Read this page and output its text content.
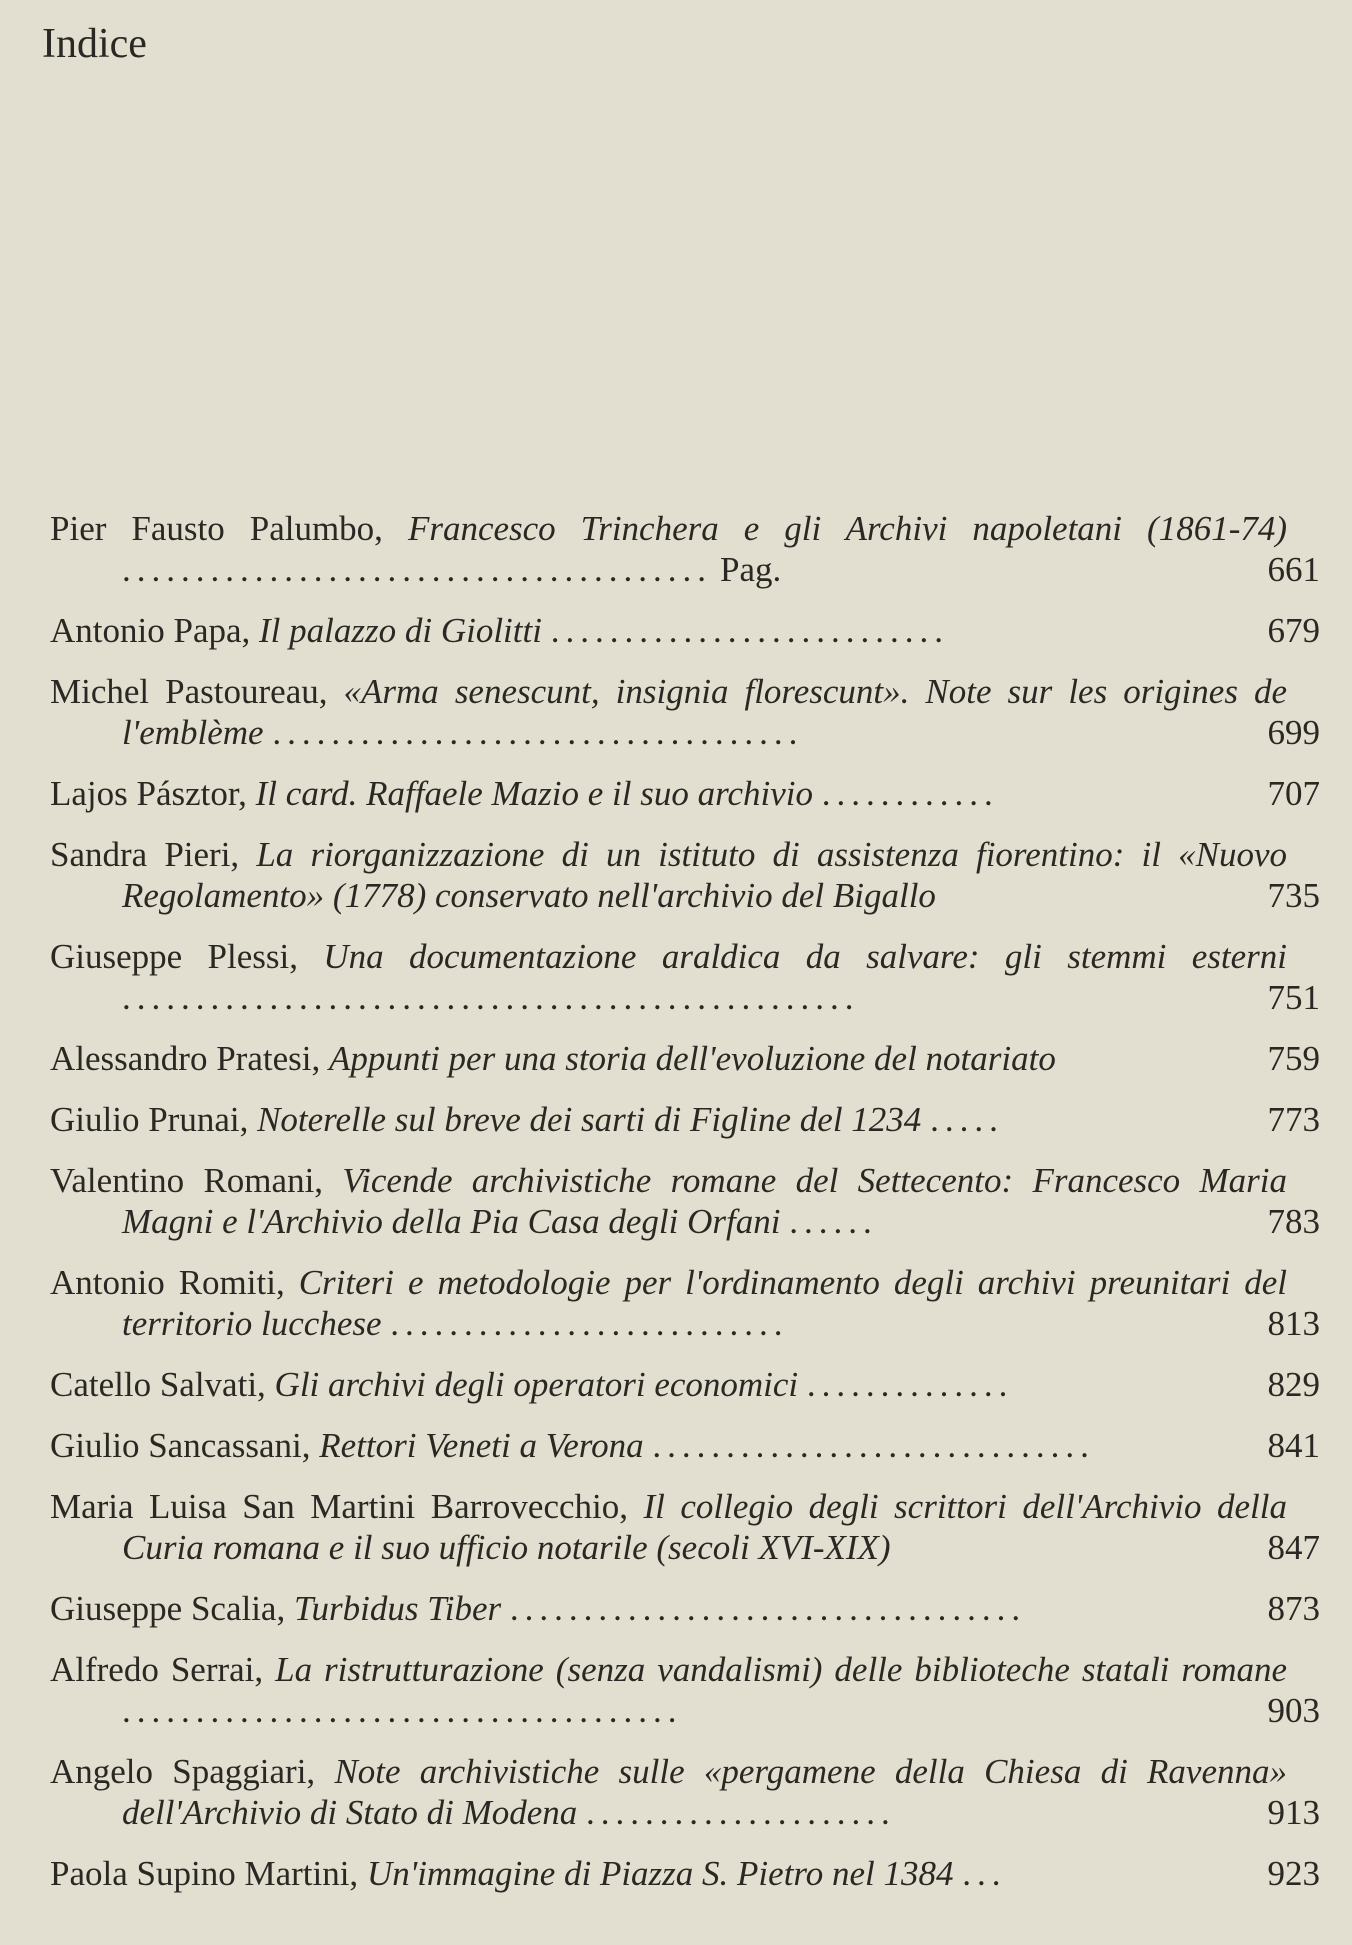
Indice
Pier Fausto Palumbo, Francesco Trinchera e gli Archivi napoletani (1861-74) ........................................ Pag.	661
Antonio Papa, Il palazzo di Giolitti ...........................	679
Michel Pastoureau, «Arma senescunt, insignia florescunt». Note sur les origines de l'emblème ....................................	699
Lajos Pásztor, Il card. Raffaele Mazio e il suo archivio ............	707
Sandra Pieri, La riorganizzazione di un istituto di assistenza fiorentino: il «Nuovo Regolamento» (1778) conservato nell'archivio del Bigallo	735
Giuseppe Plessi, Una documentazione araldica da salvare: gli stemmi esterni ..................................................	751
Alessandro Pratesi, Appunti per una storia dell'evoluzione del notariato	759
Giulio Prunai, Noterelle sul breve dei sarti di Figline del 1234 .....	773
Valentino Romani, Vicende archivistiche romane del Settecento: Francesco Maria Magni e l'Archivio della Pia Casa degli Orfani ......	783
Antonio Romiti, Criteri e metodologie per l'ordinamento degli archivi preunitari del territorio lucchese ...........................	813
Catello Salvati, Gli archivi degli operatori economici ..............	829
Giulio Sancassani, Rettori Veneti a Verona ..............................	841
Maria Luisa San Martini Barrovecchio, Il collegio degli scrittori dell'Archivio della Curia romana e il suo ufficio notarile (secoli XVI-XIX)	847
Giuseppe Scalia, Turbidus Tiber ...................................	873
Alfredo Serrai, La ristrutturazione (senza vandalismi) delle biblioteche statali romane ......................................	903
Angelo Spaggiari, Note archivistiche sulle «pergamene della Chiesa di Ravenna» dell'Archivio di Stato di Modena .....................	913
Paola Supino Martini, Un'immagine di Piazza S. Pietro nel 1384 ...	923
